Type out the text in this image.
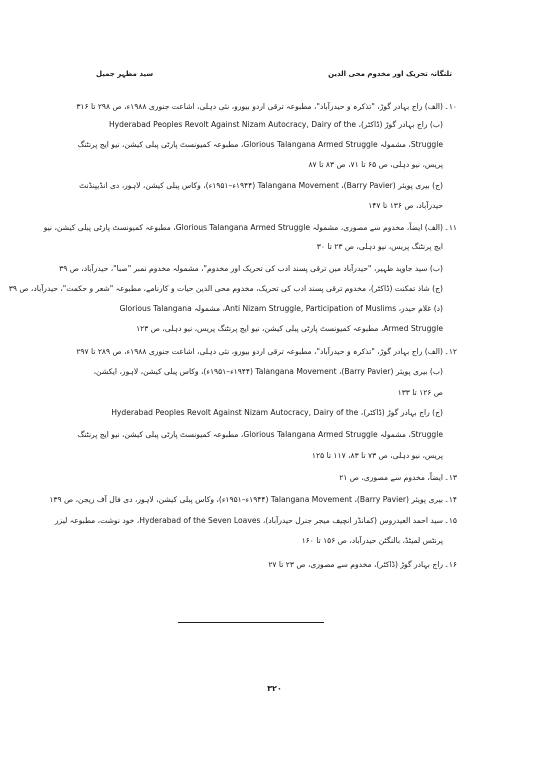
تلنگانہ تحریک اور مخدوم محی الدین
سید مظہر جمیل
۱۰۔(الف) راج بہادر گوڑ، "تذکرہ و حیدرآباد"، مطبوعہ ترقی اردو بیورو، نئی دہلی، اشاعت جنوری ۱۹۸۸ء، ص ۲۹۸ تا ۳۱۶
(ب) راج بہادر گوڑ (ڈاکٹر)، Hyderabad Peoples Revolt Against Nizam Autocracy, Dairy of the
Struggle، مشمولہ Glorious Talangana Armed Struggle، مطبوعہ کمیونسٹ پارٹی پبلی کیشن، نیو ایج پرنٹنگ
پریس، نیو دہلی، ص ۶۵ تا ۷۱، ص ۸۳ تا ۸۷
(ج) بیری پویئر (Barry Pavier)، Talangana Movement (۱۹۴۴ء–۱۹۵۱ء)، وکاس پبلی کیشن، لاہور، دی انڈیپنڈنٹ
حیدرآباد، ص ۱۳۶ تا ۱۴۷
۱۱۔(الف) ایضاً، مخدوم سے مصوری، مشمولہ Glorious Talangana Armed Struggle، مطبوعہ کمیونسٹ پارٹی پبلی کیشن، نیو
ایج پرنٹنگ پریس، نیو دہلی، ص ۲۳ تا ۳۰
(ب) سید جاوید ظہیر، "حیدرآباد میں ترقی پسند ادب کی تحریک اور مخدوم"، مشمولہ مخدوم نمبر "صبا"، حیدرآباد، ص ۳۹
(ج) شاذ تمکنت (ڈاکٹر)، مخدوم ترقی پسند ادب کی تحریک، مخدوم محی الدین حیات و کارنامے، مطبوعہ "شعر و حکمت"، حیدرآباد، ص ۳۹
(د) غلام حیدر، Anti Nizam Struggle, Participation of Muslims، مشمولہ Glorious Talangana
Armed Struggle، مطبوعہ کمیونسٹ پارٹی پبلی کیشن، نیو ایج پرنٹنگ پریس، نیو دہلی، ص ۱۲۳
۱۲۔(الف) راج بہادر گوڑ، "تذکرہ و حیدرآباد"، مطبوعہ ترقی اردو بیورو، نئی دہلی، اشاعت جنوری ۱۹۸۸ء، ص ۲۸۹ تا ۲۹۷
(ب) بیری پویئر (Barry Pavier)، Talangana Movement (۱۹۴۴ء–۱۹۵۱ء)، وکاس پبلی کیشن، لاہور، ایکشن،
ص ۱۲۶ تا ۱۳۳
(ج) راج بہادر گوڑ (ڈاکٹر)، Hyderabad Peoples Revolt Against Nizam Autocracy, Dairy of the
Struggle، مشمولہ Glorious Talangana Armed Struggle، مطبوعہ کمیونسٹ پارٹی پبلی کیشن، نیو ایج پرنٹنگ
پریس، نیو دہلی، ص ۷۳ تا ۸۳، ۱۱۷ تا ۱۲۵
۱۳۔ایضاً، مخدوم سے مصوری، ص ۲۱
۱۴۔بیری پویئر (Barry Pavier)، Talangana Movement (۱۹۴۴ء–۱۹۵۱ء)، وکاس پبلی کیشن، لاہور، دی فال آف ریجن، ص ۱۳۹
۱۵۔سید احمد العیدروس (کمانڈر انچیف میجر جنرل حیدرآباد)، Hyderabad of the Seven Loaves، خود نوشت، مطبوعہ لیزر
پرنٹس لمیٹڈ، بالنگٹن حیدرآباد، ص ۱۵۶ تا ۱۶۰
۱۶۔راج بہادر گوڑ (ڈاکٹر)، مخدوم سے مصوری، ص ۲۳ تا ۲۷
۳۲۰
